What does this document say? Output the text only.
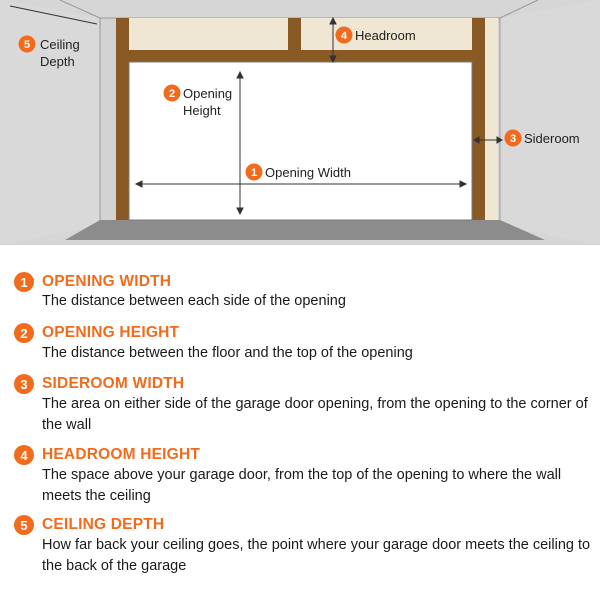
5 Ceiling
Depth
4 Headroom
2 Opening
Height
3 Sideroom
1 Opening Width
1 OPENING WIDTH
The distance between each side of the opening
2 OPENING HEIGHT
The distance between the floor and the top of the opening
3 SIDEROOM WIDTH
The area on either side of the garage door opening, from the opening to the corner of the wall
4 HEADROOM HEIGHT
The space above your garage door, from the top of the opening to where the wall meets the ceiling
5 CEILING DEPTH
How far back your ceiling goes, the point where your garage door meets the ceiling to the back of the garage
